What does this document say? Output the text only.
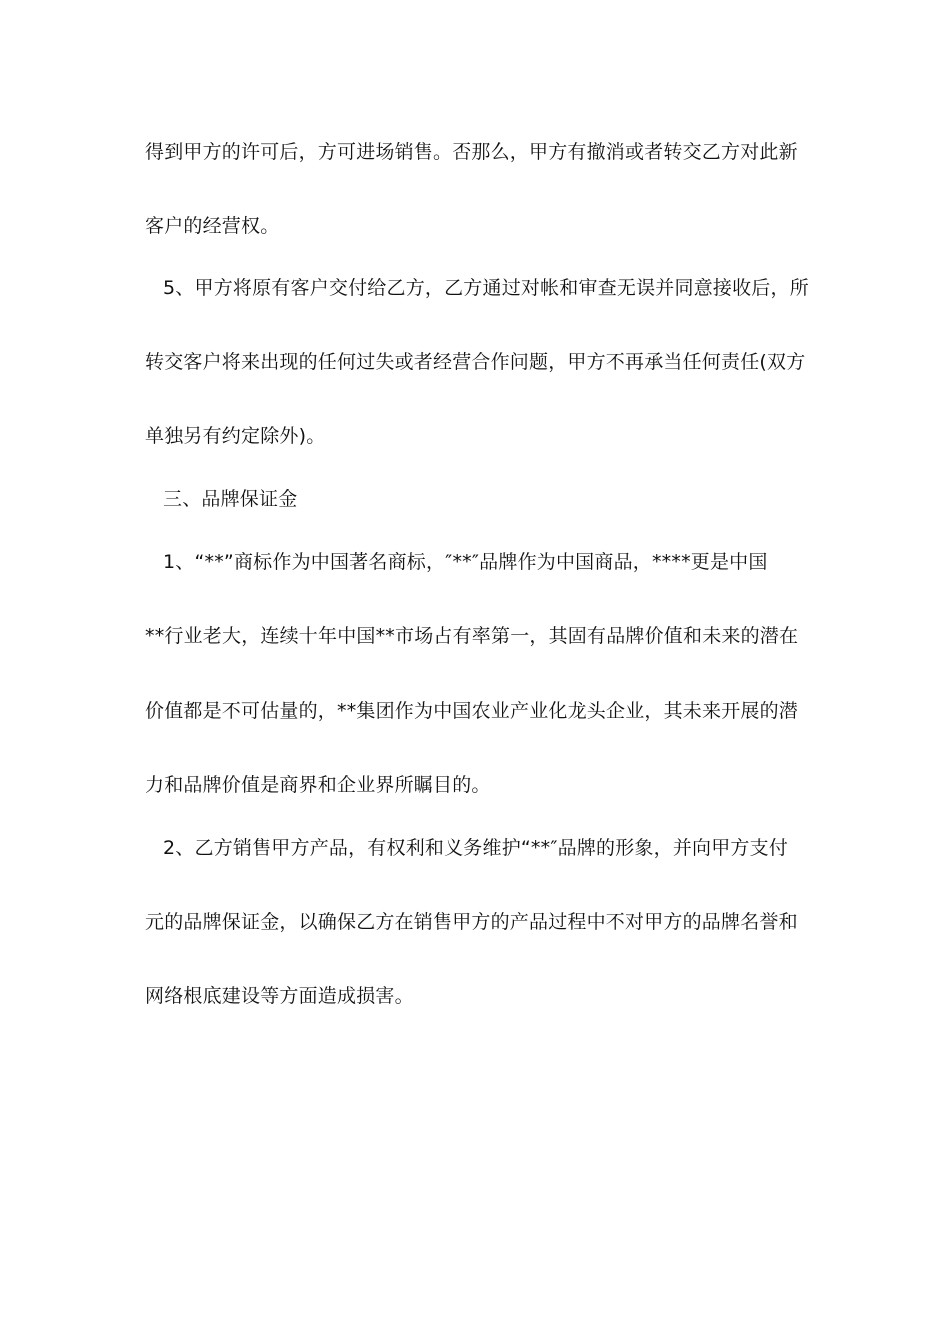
得到甲方的许可后，方可进场销售。否那么，甲方有撤消或者转交乙方对此新
客户的经营权。
5、甲方将原有客户交付给乙方，乙方通过对帐和审查无误并同意接收后，所
转交客户将来出现的任何过失或者经营合作问题，甲方不再承当任何责任(双方
单独另有约定除外)。
三、品牌保证金
1、“**”商标作为中国著名商标，″**″品牌作为中国商品，****更是中国
**行业老大，连续十年中国**市场占有率第一，其固有品牌价值和未来的潜在
价值都是不可估量的，**集团作为中国农业产业化龙头企业，其未来开展的潜
力和品牌价值是商界和企业界所瞩目的。
2、乙方销售甲方产品，有权利和义务维护“**″品牌的形象，并向甲方支付
元的品牌保证金，以确保乙方在销售甲方的产品过程中不对甲方的品牌名誉和
网络根底建设等方面造成损害。
